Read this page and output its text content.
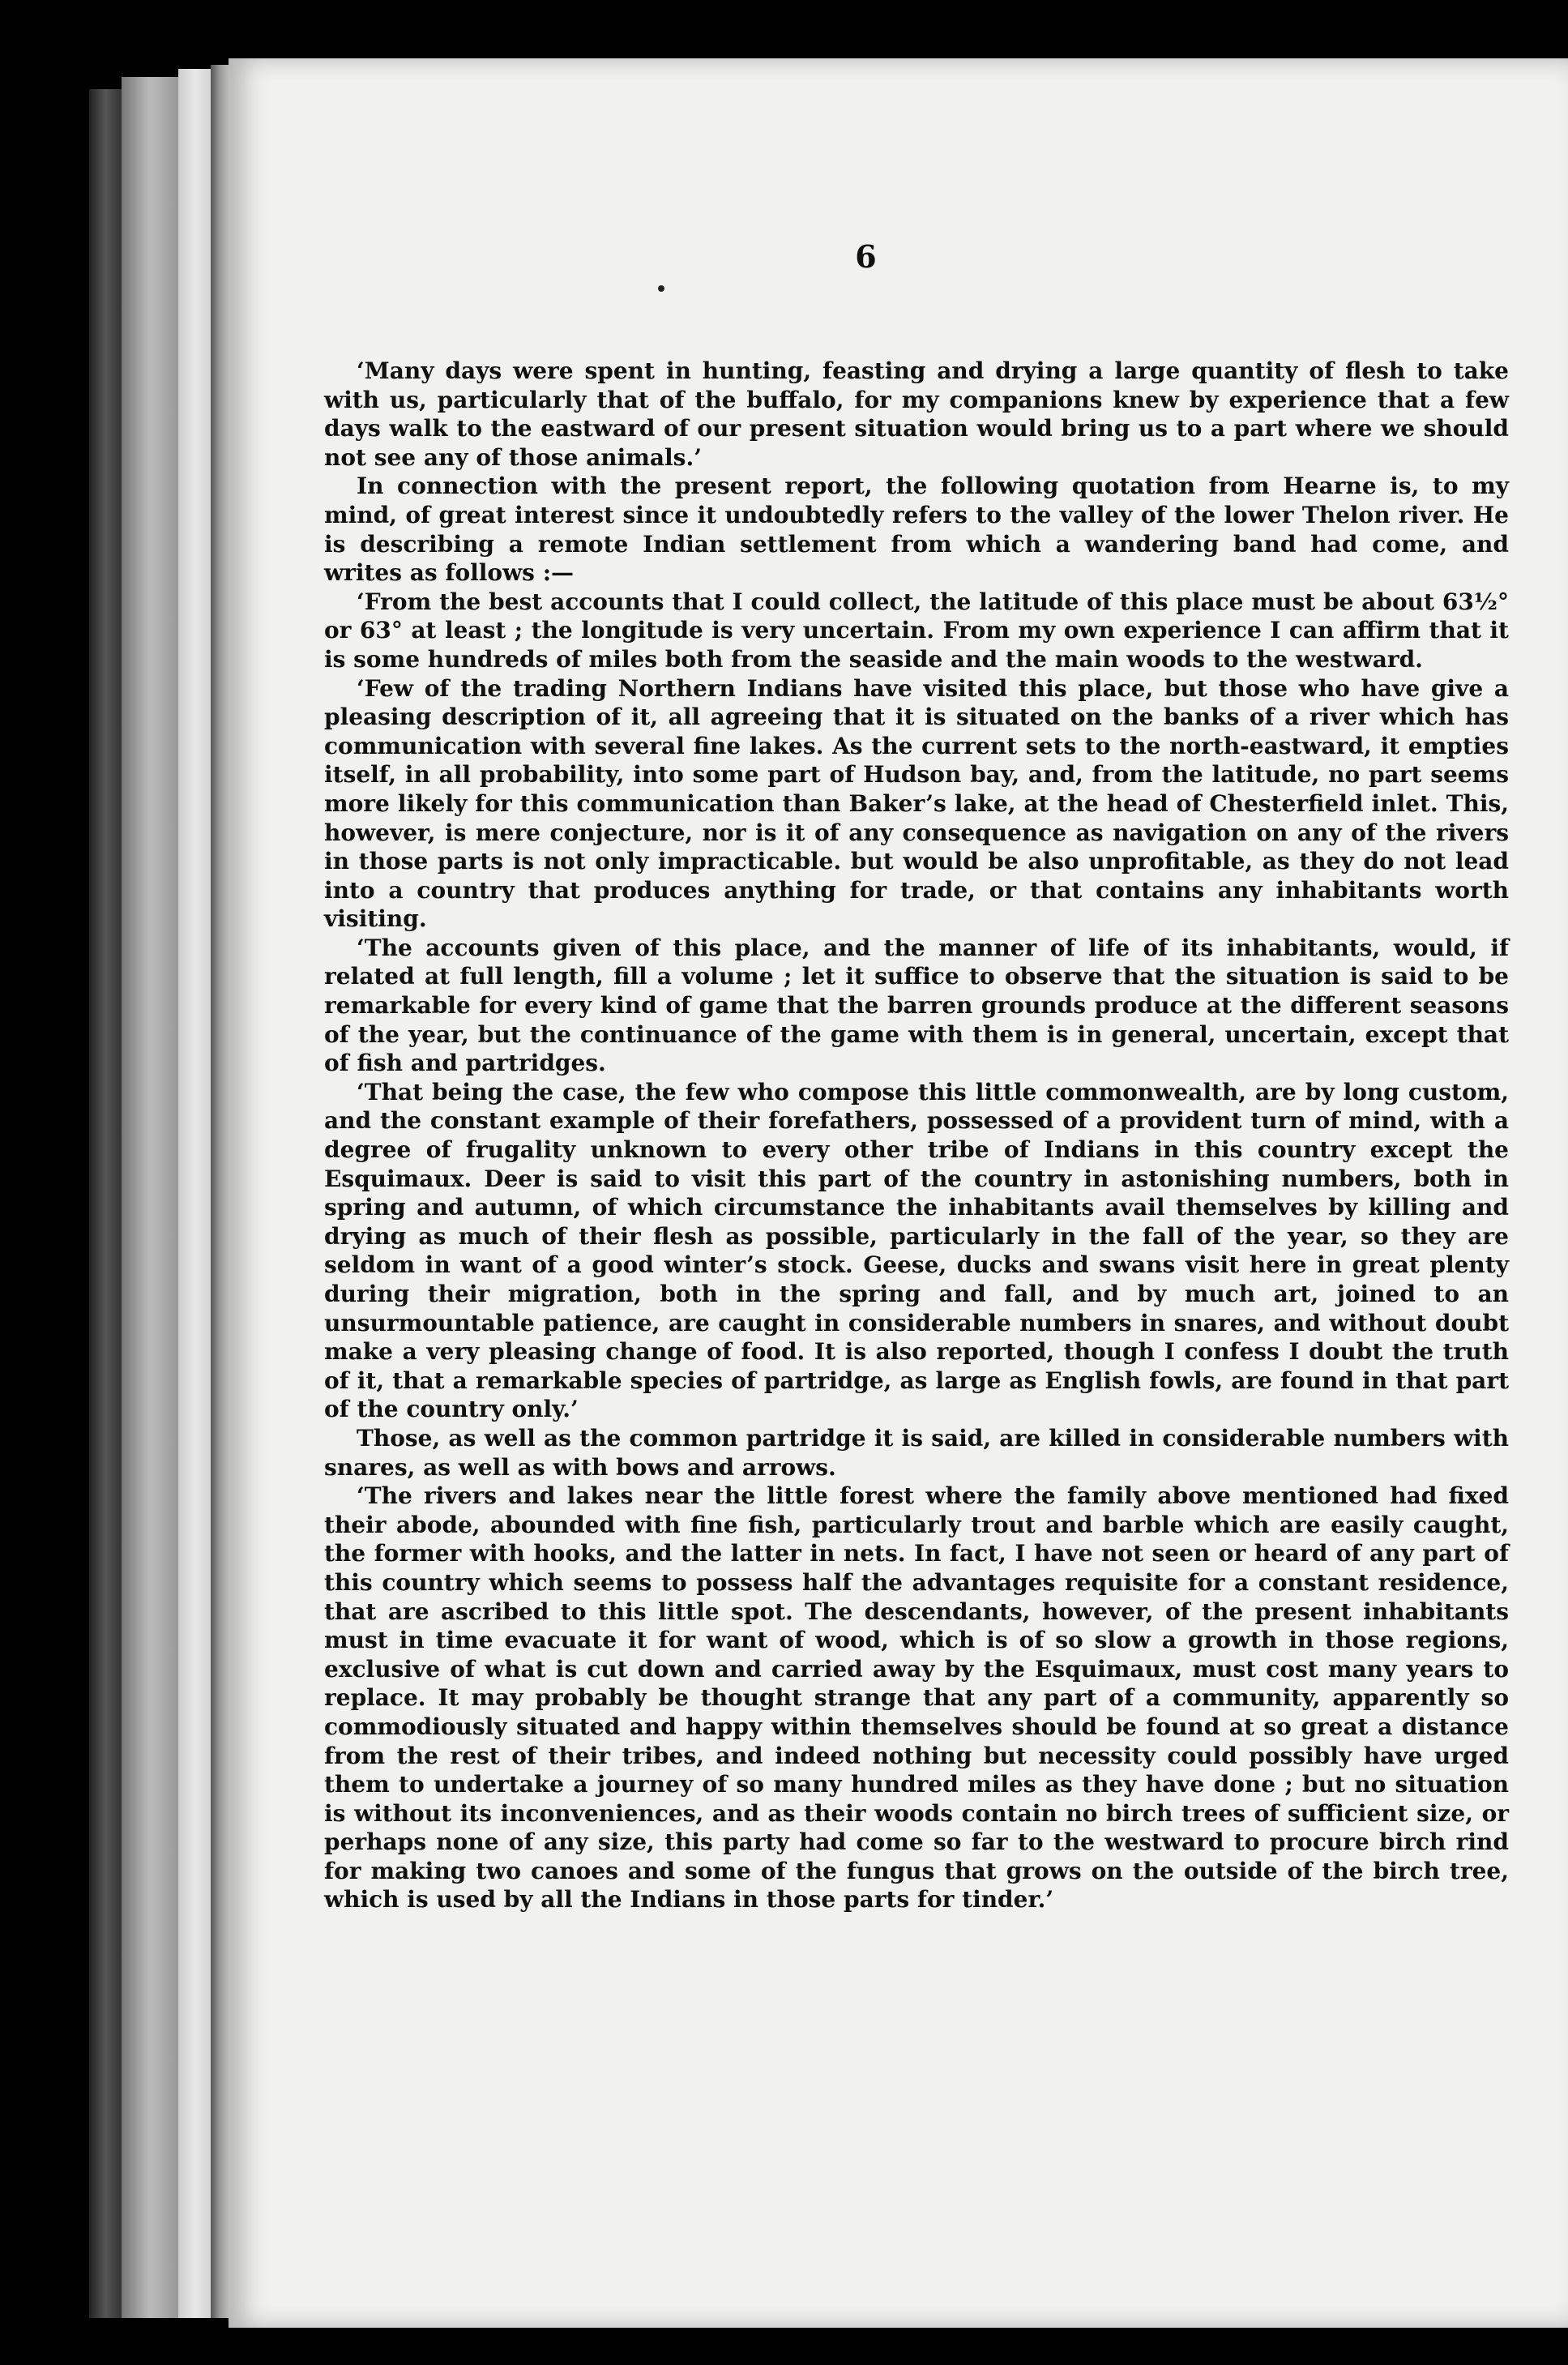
6

‘Many days were spent in hunting, feasting and drying a large quantity of flesh to take with us, particularly that of the buffalo, for my companions knew by experience that a few days walk to the eastward of our present situation would bring us to a part where we should not see any of those animals.’

In connection with the present report, the following quotation from Hearne is, to my mind, of great interest since it undoubtedly refers to the valley of the lower Thelon river. He is describing a remote Indian settlement from which a wandering band had come, and writes as follows :—

‘From the best accounts that I could collect, the latitude of this place must be about 63½° or 63° at least ; the longitude is very uncertain. From my own experience I can affirm that it is some hundreds of miles both from the seaside and the main woods to the westward.

‘Few of the trading Northern Indians have visited this place, but those who have give a pleasing description of it, all agreeing that it is situated on the banks of a river which has communication with several fine lakes. As the current sets to the north-eastward, it empties itself, in all probability, into some part of Hudson bay, and, from the latitude, no part seems more likely for this communication than Baker’s lake, at the head of Chesterfield inlet. This, however, is mere conjecture, nor is it of any consequence as navigation on any of the rivers in those parts is not only impracticable. but would be also unprofitable, as they do not lead into a country that produces anything for trade, or that contains any inhabitants worth visiting.

‘The accounts given of this place, and the manner of life of its inhabitants, would, if related at full length, fill a volume ; let it suffice to observe that the situation is said to be remarkable for every kind of game that the barren grounds produce at the different seasons of the year, but the continuance of the game with them is in general, uncertain, except that of fish and partridges.

‘That being the case, the few who compose this little commonwealth, are by long custom, and the constant example of their forefathers, possessed of a provident turn of mind, with a degree of frugality unknown to every other tribe of Indians in this country except the Esquimaux. Deer is said to visit this part of the country in astonishing numbers, both in spring and autumn, of which circumstance the inhabitants avail themselves by killing and drying as much of their flesh as possible, particularly in the fall of the year, so they are seldom in want of a good winter’s stock. Geese, ducks and swans visit here in great plenty during their migration, both in the spring and fall, and by much art, joined to an unsurmountable patience, are caught in considerable numbers in snares, and without doubt make a very pleasing change of food. It is also reported, though I confess I doubt the truth of it, that a remarkable species of partridge, as large as English fowls, are found in that part of the country only.’

Those, as well as the common partridge it is said, are killed in considerable numbers with snares, as well as with bows and arrows.

‘The rivers and lakes near the little forest where the family above mentioned had fixed their abode, abounded with fine fish, particularly trout and barble which are easily caught, the former with hooks, and the latter in nets. In fact, I have not seen or heard of any part of this country which seems to possess half the advantages requisite for a constant residence, that are ascribed to this little spot. The descendants, however, of the present inhabitants must in time evacuate it for want of wood, which is of so slow a growth in those regions, exclusive of what is cut down and carried away by the Esquimaux, must cost many years to replace. It may probably be thought strange that any part of a community, apparently so commodiously situated and happy within themselves should be found at so great a distance from the rest of their tribes, and indeed nothing but necessity could possibly have urged them to undertake a journey of so many hundred miles as they have done ; but no situation is without its inconveniences, and as their woods contain no birch trees of sufficient size, or perhaps none of any size, this party had come so far to the westward to procure birch rind for making two canoes and some of the fungus that grows on the outside of the birch tree, which is used by all the Indians in those parts for tinder.’
